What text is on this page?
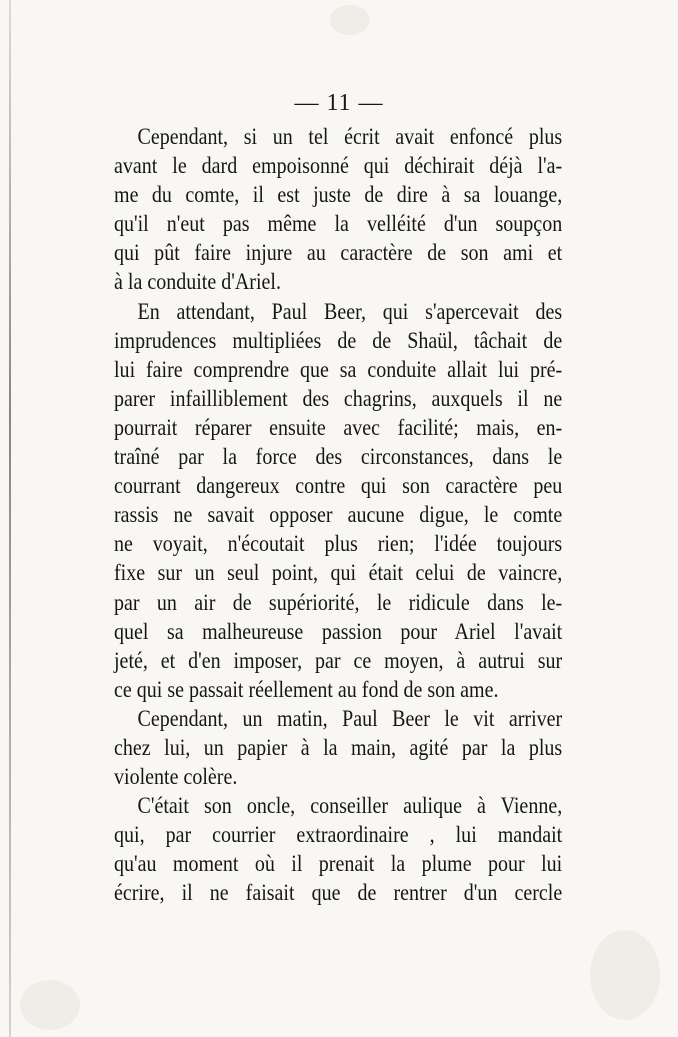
— 11 —
Cependant, si un tel écrit avait enfoncé plus
avant le dard empoisonné qui déchirait déjà l'a-
me du comte, il est juste de dire à sa louange,
qu'il n'eut pas même la velléité d'un soupçon
qui pût faire injure au caractère de son ami et
à la conduite d'Ariel.
En attendant, Paul Beer, qui s'apercevait des
imprudences multipliées de de Shaül, tâchait de
lui faire comprendre que sa conduite allait lui pré-
parer infailliblement des chagrins, auxquels il ne
pourrait réparer ensuite avec facilité; mais, en-
traîné par la force des circonstances, dans le
courrant dangereux contre qui son caractère peu
rassis ne savait opposer aucune digue, le comte
ne voyait, n'écoutait plus rien; l'idée toujours
fixe sur un seul point, qui était celui de vaincre,
par un air de supériorité, le ridicule dans le-
quel sa malheureuse passion pour Ariel l'avait
jeté, et d'en imposer, par ce moyen, à autrui sur
ce qui se passait réellement au fond de son ame.
Cependant, un matin, Paul Beer le vit arriver
chez lui, un papier à la main, agité par la plus
violente colère.
C'était son oncle, conseiller aulique à Vienne,
qui, par courrier extraordinaire , lui mandait
qu'au moment où il prenait la plume pour lui
écrire, il ne faisait que de rentrer d'un cercle
